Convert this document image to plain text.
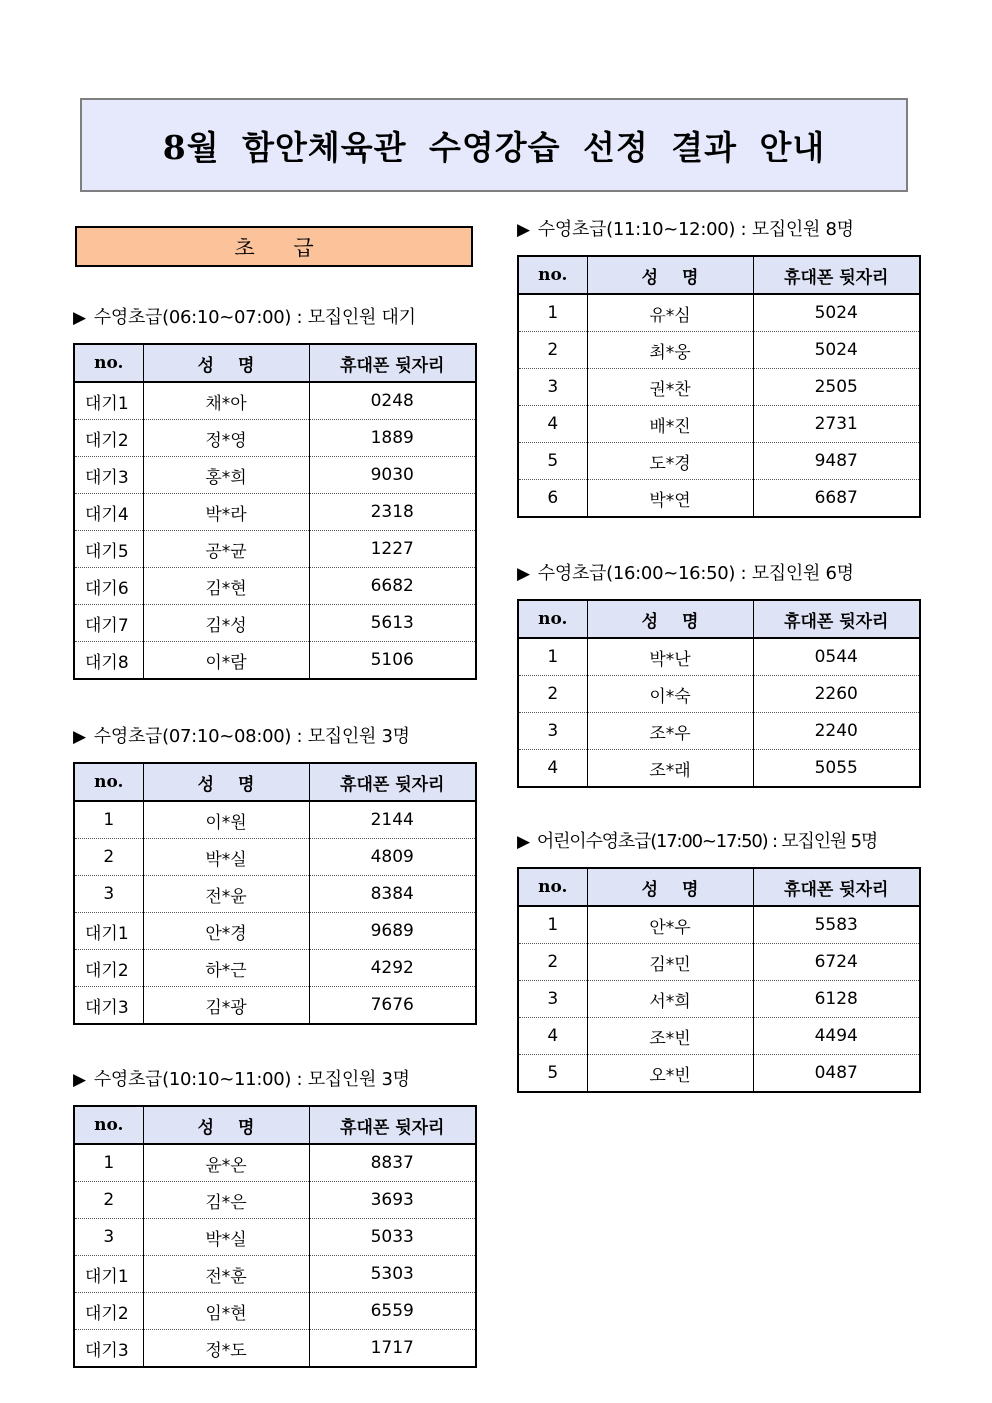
8월 함안체육관 수영강습 선정 결과 안내
초 급
▶ 수영초급(06:10~07:00) : 모집인원 대기
no.	성 명	휴대폰 뒷자리
대기1	채*아	0248
대기2	정*영	1889
대기3	홍*희	9030
대기4	박*라	2318
대기5	공*균	1227
대기6	김*현	6682
대기7	김*성	5613
대기8	이*람	5106
▶ 수영초급(07:10~08:00) : 모집인원 3명
no.	성 명	휴대폰 뒷자리
1	이*원	2144
2	박*실	4809
3	전*윤	8384
대기1	안*경	9689
대기2	하*근	4292
대기3	김*광	7676
▶ 수영초급(10:10~11:00) : 모집인원 3명
no.	성 명	휴대폰 뒷자리
1	윤*온	8837
2	김*은	3693
3	박*실	5033
대기1	전*훈	5303
대기2	임*현	6559
대기3	정*도	1717
▶ 수영초급(11:10~12:00) : 모집인원 8명
no.	성 명	휴대폰 뒷자리
1	유*심	5024
2	최*웅	5024
3	권*찬	2505
4	배*진	2731
5	도*경	9487
6	박*연	6687
▶ 수영초급(16:00~16:50) : 모집인원 6명
no.	성 명	휴대폰 뒷자리
1	박*난	0544
2	이*숙	2260
3	조*우	2240
4	조*래	5055
▶ 어린이수영초급(17:00~17:50) : 모집인원 5명
no.	성 명	휴대폰 뒷자리
1	안*우	5583
2	김*민	6724
3	서*희	6128
4	조*빈	4494
5	오*빈	0487
